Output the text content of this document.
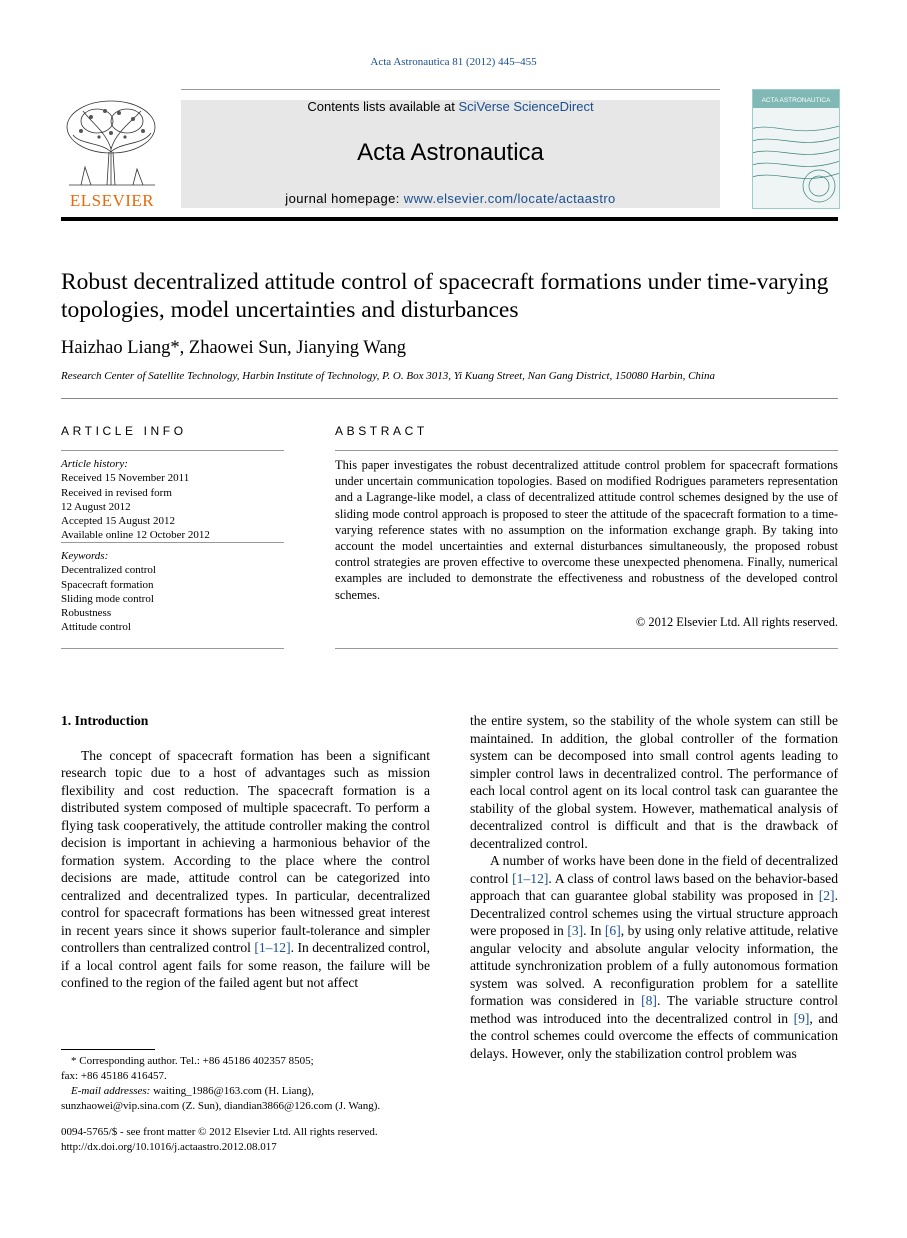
Acta Astronautica 81 (2012) 445–455
ELSEVIER
Contents lists available at SciVerse ScienceDirect
Acta Astronautica
journal homepage: www.elsevier.com/locate/actaastro
ACTA ASTRONAUTICA
Robust decentralized attitude control of spacecraft formations under time-varying topologies, model uncertainties and disturbances
Haizhao Liang*, Zhaowei Sun, Jianying Wang
Research Center of Satellite Technology, Harbin Institute of Technology, P. O. Box 3013, Yi Kuang Street, Nan Gang District, 150080 Harbin, China
ARTICLE INFO	ABSTRACT
Article history:
Received 15 November 2011
Received in revised form
12 August 2012
Accepted 15 August 2012
Available online 12 October 2012
Keywords:
Decentralized control
Spacecraft formation
Sliding mode control
Robustness
Attitude control
This paper investigates the robust decentralized attitude control problem for spacecraft formations under uncertain communication topologies. Based on modified Rodrigues parameters representation and a Lagrange-like model, a class of decentralized attitude control schemes designed by the use of sliding mode control approach is proposed to steer the attitude of the spacecraft formation to a time-varying reference states with no assumption on the information exchange graph. By taking into account the model uncertainties and external disturbances simultaneously, the proposed robust control strategies are proven effective to overcome these unexpected phenomena. Finally, numerical examples are included to demonstrate the effectiveness and robustness of the developed control schemes.
© 2012 Elsevier Ltd. All rights reserved.

1. Introduction

The concept of spacecraft formation has been a significant research topic due to a host of advantages such as mission flexibility and cost reduction. The spacecraft formation is a distributed system composed of multiple spacecraft. To perform a flying task cooperatively, the attitude controller making the control decision is important in achieving a harmonious behavior of the formation system. According to the place where the control decisions are made, attitude control can be categorized into centralized and decentralized types. In particular, decentralized control for spacecraft formations has been witnessed great interest in recent years since it shows superior fault-tolerance and simpler controllers than centralized control [1–12]. In decentralized control, if a local control agent fails for some reason, the failure will be confined to the region of the failed agent but not affect

the entire system, so the stability of the whole system can still be maintained. In addition, the global controller of the formation system can be decomposed into small control agents leading to simpler control laws in decentralized control. The performance of each local control agent on its local control task can guarantee the stability of the global system. However, mathematical analysis of decentralized control is difficult and that is the drawback of decentralized control.

A number of works have been done in the field of decentralized control [1–12]. A class of control laws based on the behavior-based approach that can guarantee global stability was proposed in [2]. Decentralized control schemes using the virtual structure approach were proposed in [3]. In [6], by using only relative attitude, relative angular velocity and absolute angular velocity information, the attitude synchronization problem of a fully autonomous formation system was solved. A reconfiguration problem for a satellite formation was considered in [8]. The variable structure control method was introduced into the decentralized control in [9], and the control schemes could overcome the effects of communication delays. However, only the stabilization control problem was

* Corresponding author. Tel.: +86 45186 402357 8505;

fax: +86 45186 416457.

E-mail addresses: waiting_1986@163.com (H. Liang),

sunzhaowei@vip.sina.com (Z. Sun), diandian3866@126.com (J. Wang).

0094-5765/$ - see front matter © 2012 Elsevier Ltd. All rights reserved.

http://dx.doi.org/10.1016/j.actaastro.2012.08.017
